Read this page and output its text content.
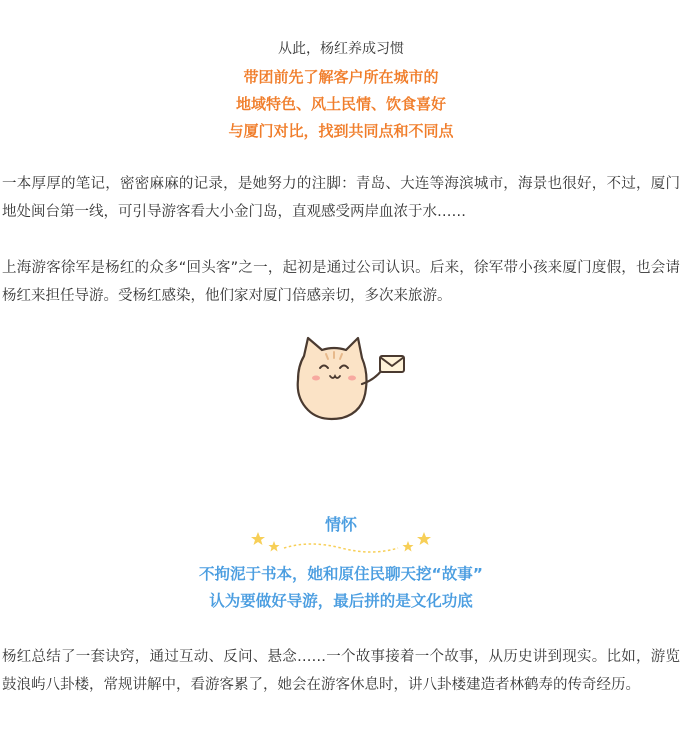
从此，杨红养成习惯
带团前先了解客户所在城市的
地域特色、风土民情、饮食喜好
与厦门对比，找到共同点和不同点

一本厚厚的笔记，密密麻麻的记录，是她努力的注脚：青岛、大连等海滨城市，海景也很好，不过，厦门地处闽台第一线，可引导游客看大小金门岛，直观感受两岸血浓于水……

上海游客徐军是杨红的众多“回头客”之一，起初是通过公司认识。后来，徐军带小孩来厦门度假，也会请杨红来担任导游。受杨红感染，他们家对厦门倍感亲切，多次来旅游。

情怀
不拘泥于书本，她和原住民聊天挖“故事”
认为要做好导游，最后拼的是文化功底

杨红总结了一套诀窍，通过互动、反问、悬念……一个故事接着一个故事，从历史讲到现实。比如，游览鼓浪屿八卦楼，常规讲解中，看游客累了，她会在游客休息时，讲八卦楼建造者林鹤寿的传奇经历。
